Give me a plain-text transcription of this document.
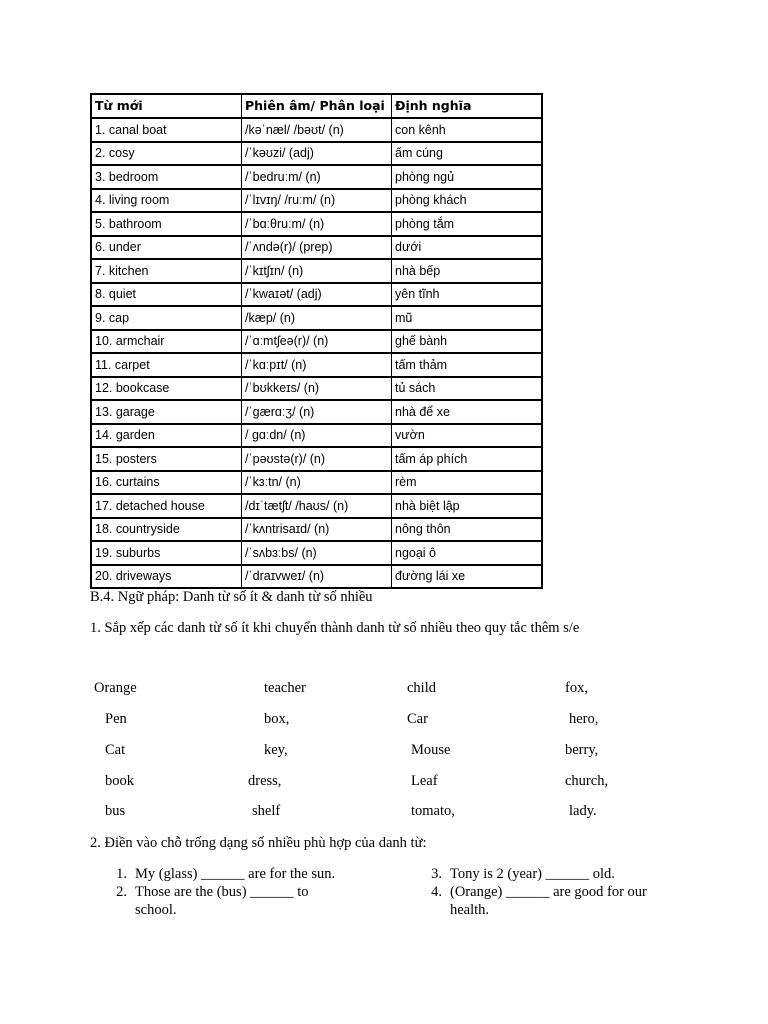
Từ mới	Phiên âm/ Phân loại	Định nghĩa
1. canal boat	/kəˈnæl/ /bəʊt/ (n)	con kênh
2. cosy	/ˈkəʊzi/ (adj)	ấm cúng
3. bedroom	/ˈbedruːm/ (n)	phòng ngủ
4. living room	/ˈlɪvɪŋ/ /ruːm/ (n)	phòng khách
5. bathroom	/ˈbɑːθruːm/ (n)	phòng tắm
6. under	/ˈʌndə(r)/ (prep)	dưới
7. kitchen	/ˈkɪtʃɪn/ (n)	nhà bếp
8. quiet	/ˈkwaɪət/ (adj)	yên tĩnh
9. cap	/kæp/ (n)	mũ
10. armchair	/ˈɑːmtʃeə(r)/ (n)	ghế bành
11. carpet	/ˈkɑːpɪt/ (n)	tấm thảm
12. bookcase	/ˈbʊkkeɪs/ (n)	tủ sách
13. garage	/ˈɡærɑːʒ/ (n)	nhà để xe
14. garden	/ ɡɑːdn/ (n)	vườn
15. posters	/ˈpəʊstə(r)/ (n)	tấm áp phích
16. curtains	/ˈkɜːtn/ (n)	rèm
17. detached house	/dɪˈtætʃt/ /haʊs/ (n)	nhà biệt lập
18. countryside	/ˈkʌntrisaɪd/ (n)	nông thôn
19. suburbs	/ˈsʌbɜːbs/ (n)	ngoại ô
20. driveways	/ˈdraɪvweɪ/ (n)	đường lái xe
B.4. Ngữ pháp: Danh từ số ít & danh từ số nhiều
1. Sắp xếp các danh từ số ít khi chuyển thành danh từ số nhiều theo quy tắc thêm s/e
Orange	teacher	child	fox,
Pen	box,	Car	hero,
Cat	key,	Mouse	berry,
book	dress,	Leaf	church,
bus	shelf	tomato,	lady.
2. Điền vào chỗ trống dạng số nhiều phù hợp của danh từ:
1. My (glass) ______ are for the sun.
2. Those are the (bus) ______ to school.
3. Tony is 2 (year) ______ old.
4. (Orange) ______ are good for our health.
